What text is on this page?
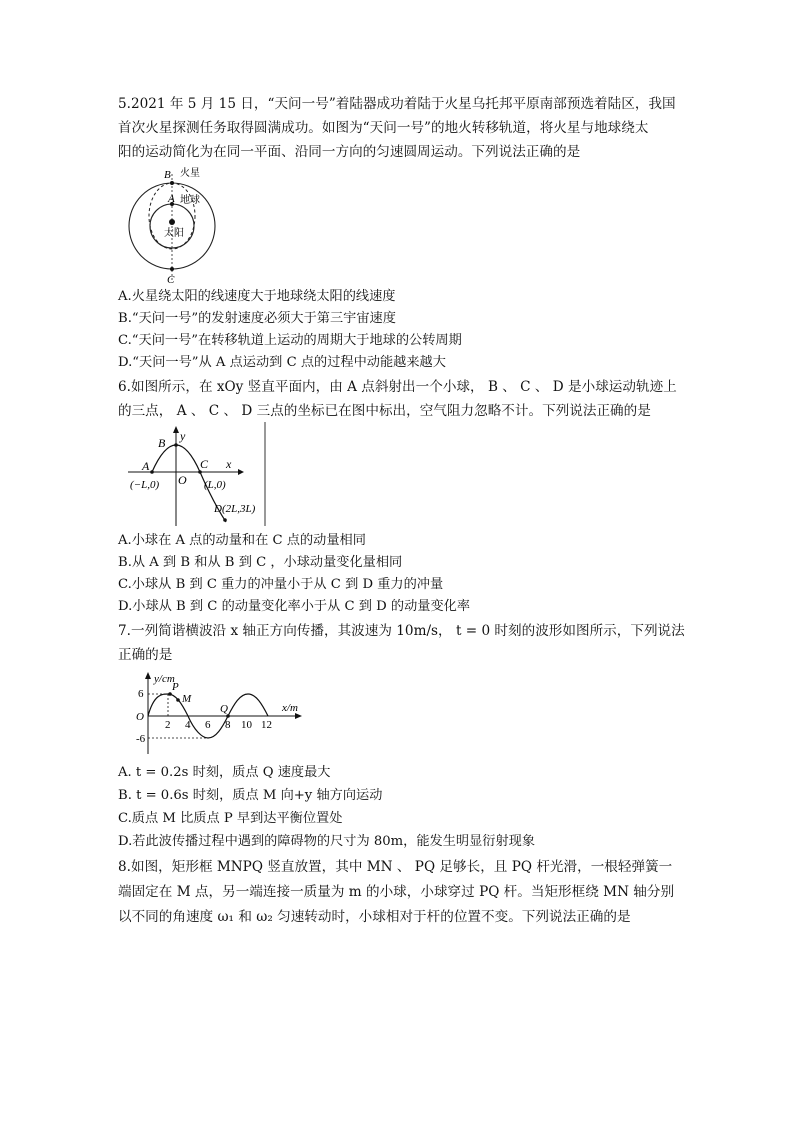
5.2021 年 5 月 15 日，“天问一号”着陆器成功着陆于火星乌托邦平原南部预选着陆区，我国
首次火星探测任务取得圆满成功。如图为“天问一号”的地火转移轨道，将火星与地球绕太
阳的运动简化为在同一平面、沿同一方向的匀速圆周运动。下列说法正确的是
B 火星
A 地球
太阳
C
A.火星绕太阳的线速度大于地球绕太阳的线速度
B.“天问一号”的发射速度必须大于第三宇宙速度
C.“天问一号”在转移轨道上运动的周期大于地球的公转周期
D.“天问一号”从 A 点运动到 C 点的过程中动能越来越大
6.如图所示，在 xOy 竖直平面内，由 A 点斜射出一个小球， B 、 C 、 D 是小球运动轨迹上
的三点， A 、 C 、 D 三点的坐标已在图中标出，空气阻力忽略不计。下列说法正确的是
B y
A
O
C x
(−L,0)	(L,0)
D(2L,3L)
A.小球在 A 点的动量和在 C 点的动量相同
B.从 A 到 B 和从 B 到 C ，小球动量变化量相同
C.小球从 B 到 C 重力的冲量小于从 C 到 D 重力的冲量
D.小球从 B 到 C 的动量变化率小于从 C 到 D 的动量变化率
7.一列简谐横波沿 x 轴正方向传播，其波速为 10m/s， t = 0 时刻的波形如图所示，下列说法
正确的是
y/cm
x/m
P
M
Q
O
6
-6
2 4 6 8 10 12
A. t = 0.2s 时刻，质点 Q 速度最大
B. t = 0.6s 时刻，质点 M 向+y 轴方向运动
C.质点 M 比质点 P 早到达平衡位置处
D.若此波传播过程中遇到的障碍物的尺寸为 80m，能发生明显衍射现象
8.如图，矩形框 MNPQ 竖直放置，其中 MN 、 PQ 足够长，且 PQ 杆光滑，一根轻弹簧一
端固定在 M 点，另一端连接一质量为 m 的小球，小球穿过 PQ 杆。当矩形框绕 MN 轴分别
以不同的角速度 ω₁ 和 ω₂ 匀速转动时，小球相对于杆的位置不变。下列说法正确的是
